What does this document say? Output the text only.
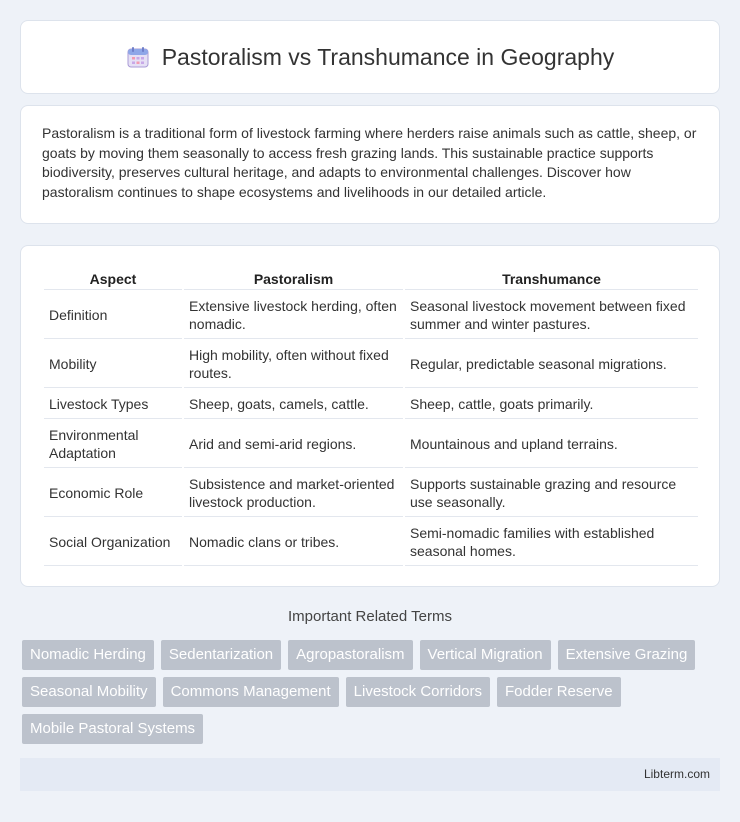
Pastoralism vs Transhumance in Geography

Pastoralism is a traditional form of livestock farming where herders raise animals such as cattle, sheep, or goats by moving them seasonally to access fresh grazing lands. This sustainable practice supports biodiversity, preserves cultural heritage, and adapts to environmental challenges. Discover how pastoralism continues to shape ecosystems and livelihoods in our detailed article.

Aspect	Pastoralism	Transhumance
Definition	Extensive livestock herding, often nomadic.	Seasonal livestock movement between fixed summer and winter pastures.
Mobility	High mobility, often without fixed routes.	Regular, predictable seasonal migrations.
Livestock Types	Sheep, goats, camels, cattle.	Sheep, cattle, goats primarily.
Environmental Adaptation	Arid and semi-arid regions.	Mountainous and upland terrains.
Economic Role	Subsistence and market-oriented livestock production.	Supports sustainable grazing and resource use seasonally.
Social Organization	Nomadic clans or tribes.	Semi-nomadic families with established seasonal homes.
Important Related Terms
Nomadic Herding	Sedentarization	Agropastoralism	Vertical Migration	Extensive Grazing
Seasonal Mobility	Commons Management	Livestock Corridors	Fodder Reserve
Mobile Pastoral Systems
Libterm.com
